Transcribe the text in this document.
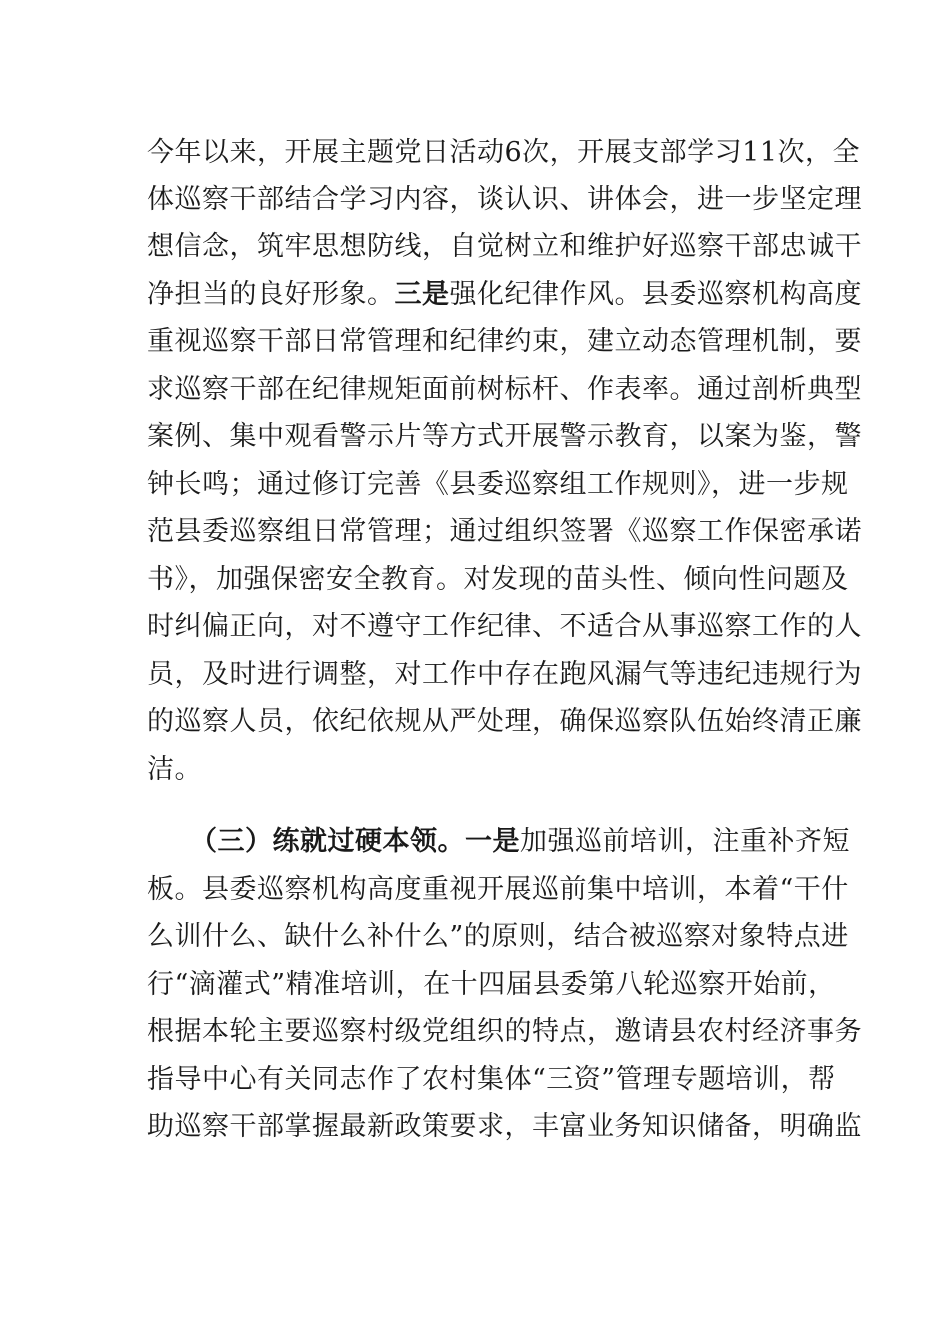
今年以来，开展主题党日活动6次，开展支部学习11次，全
体巡察干部结合学习内容，谈认识、讲体会，进一步坚定理
想信念，筑牢思想防线，自觉树立和维护好巡察干部忠诚干
净担当的良好形象。三是强化纪律作风。县委巡察机构高度
重视巡察干部日常管理和纪律约束，建立动态管理机制，要
求巡察干部在纪律规矩面前树标杆、作表率。通过剖析典型
案例、集中观看警示片等方式开展警示教育，以案为鉴，警
钟长鸣；通过修订完善《县委巡察组工作规则》，进一步规
范县委巡察组日常管理；通过组织签署《巡察工作保密承诺
书》，加强保密安全教育。对发现的苗头性、倾向性问题及
时纠偏正向，对不遵守工作纪律、不适合从事巡察工作的人
员，及时进行调整，对工作中存在跑风漏气等违纪违规行为
的巡察人员，依纪依规从严处理，确保巡察队伍始终清正廉
洁。
（三）练就过硬本领。一是加强巡前培训，注重补齐短
板。县委巡察机构高度重视开展巡前集中培训，本着“干什
么训什么、缺什么补什么”的原则，结合被巡察对象特点进
行“滴灌式”精准培训，在十四届县委第八轮巡察开始前，
根据本轮主要巡察村级党组织的特点，邀请县农村经济事务
指导中心有关同志作了农村集体“三资”管理专题培训，帮
助巡察干部掌握最新政策要求，丰富业务知识储备，明确监
